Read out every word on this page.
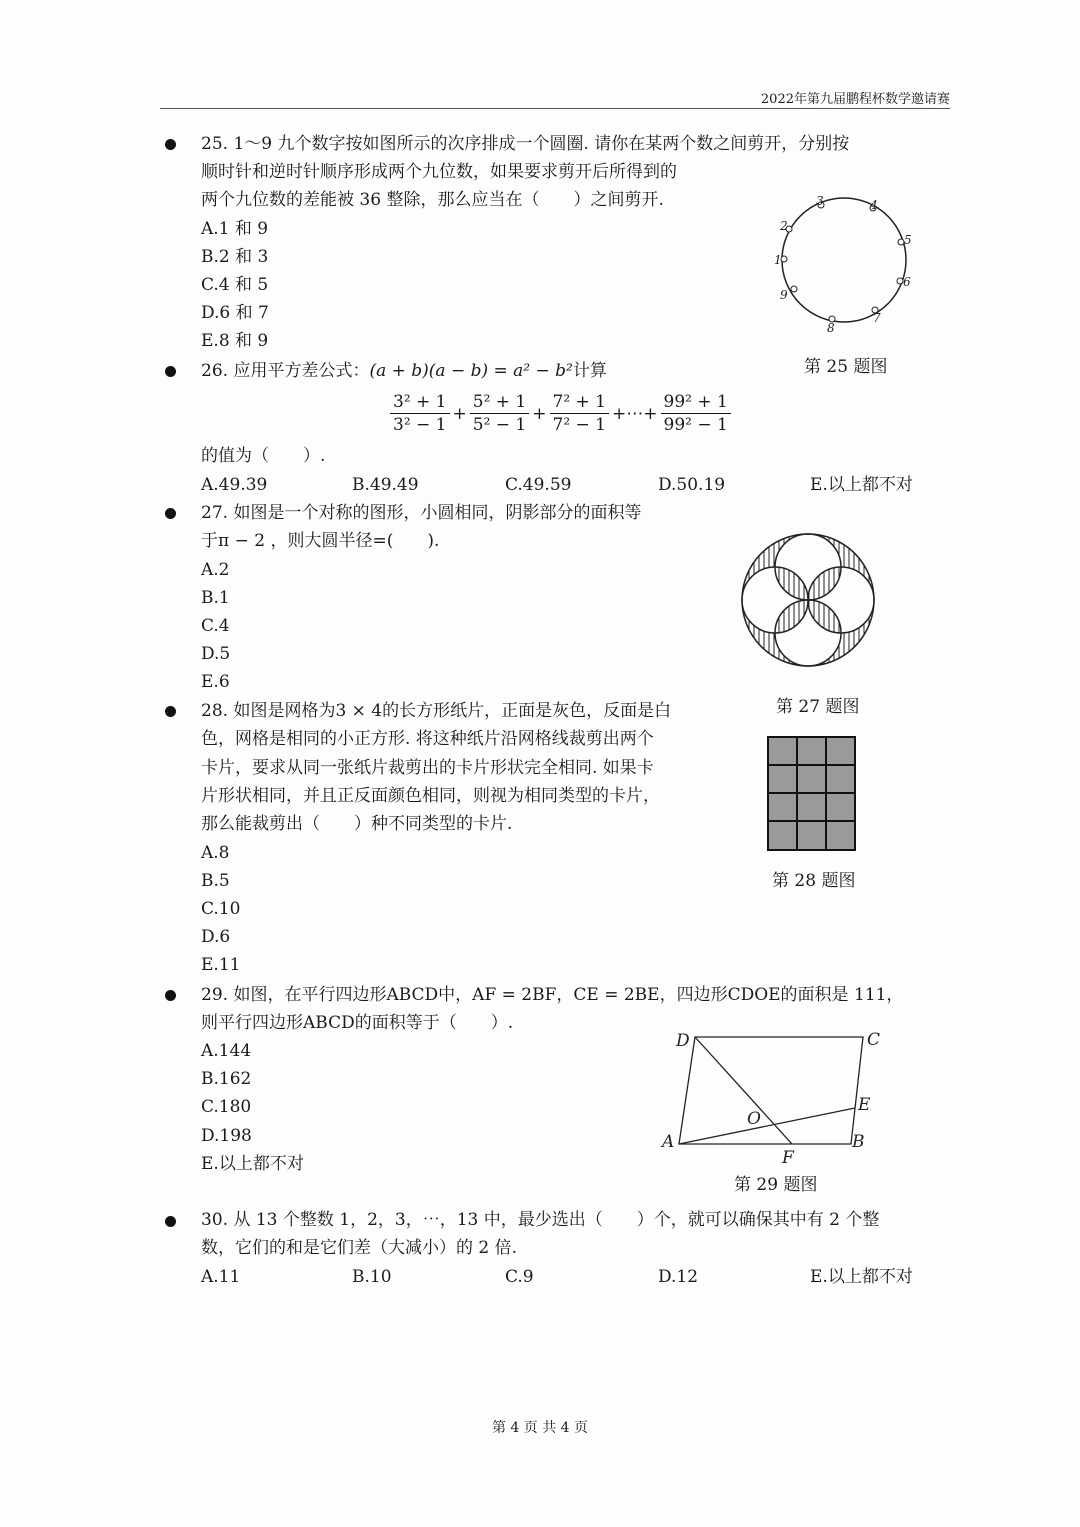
2022年第九届鹏程杯数学邀请赛
25. 1～9 九个数字按如图所示的次序排成一个圆圈. 请你在某两个数之间剪开，分别按
顺时针和逆时针顺序形成两个九位数，如果要求剪开后所得到的
两个九位数的差能被 36 整除，那么应当在（　　）之间剪开.
A.1 和 9
B.2 和 3
C.4 和 5
D.6 和 7
E.8 和 9
1
2
3	4
5
6
7
8
9
第 25 题图
26. 应用平方差公式：(a + b)(a − b) = a² − b²计算
$\frac{\text{3² + 1}}{\text{3² − 1}} + \frac{\text{5² + 1}}{\text{5² − 1}} + \frac{\text{7² + 1}}{\text{7² − 1}}$ +⋯+ $\frac{\text{99² + 1}}{\text{99² − 1}}$
的值为（　　）.
A.49.39	B.49.49	C.49.59	D.50.19	E.以上都不对
27. 如图是一个对称的图形，小圆相同，阴影部分的面积等
于π − 2 ，则大圆半径=(　　).
A.2
B.1
C.4
D.5
E.6
第 27 题图
28. 如图是网格为3 × 4的长方形纸片，正面是灰色，反面是白
色，网格是相同的小正方形. 将这种纸片沿网格线裁剪出两个
卡片，要求从同一张纸片裁剪出的卡片形状完全相同. 如果卡
片形状相同，并且正反面颜色相同，则视为相同类型的卡片，
那么能裁剪出（　　）种不同类型的卡片.
A.8
B.5
C.10
D.6
E.11
第 28 题图
29. 如图，在平行四边形ABCD中，AF = 2BF，CE = 2BE，四边形CDOE的面积是 111，
则平行四边形ABCD的面积等于（　　）.
A.144
B.162
C.180
D.198
E.以上都不对
A	B
C
D
E
F
O
第 29 题图
30. 从 13 个整数 1，2，3，⋯，13 中，最少选出（　　）个，就可以确保其中有 2 个整
数，它们的和是它们差（大减小）的 2 倍.
A.11	B.10	C.9	D.12	E.以上都不对
第 4 页 共 4 页
